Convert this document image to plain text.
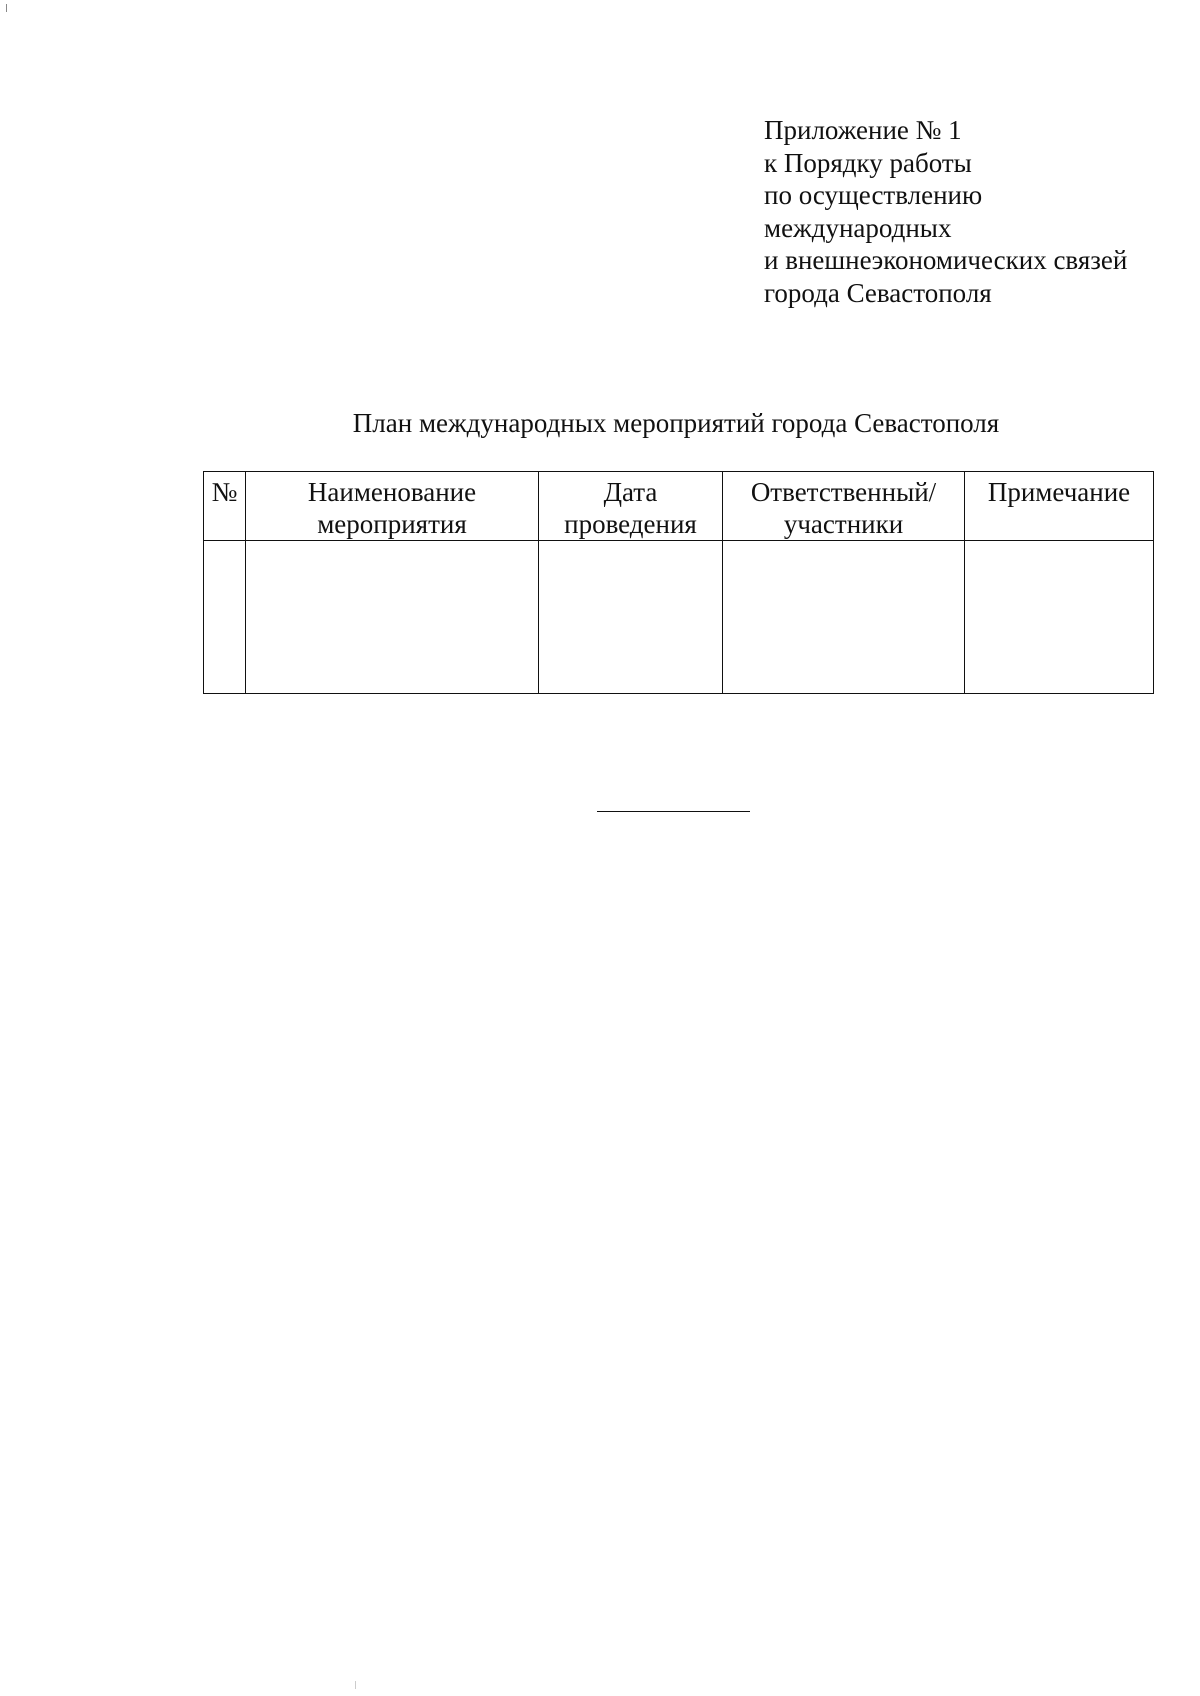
Приложение № 1
к Порядку работы
по осуществлению
международных
и внешнеэкономических связей
города Севастополя
План международных мероприятий города Севастополя
№	Наименование мероприятия	Дата проведения	Ответственный/ участники	Примечание
